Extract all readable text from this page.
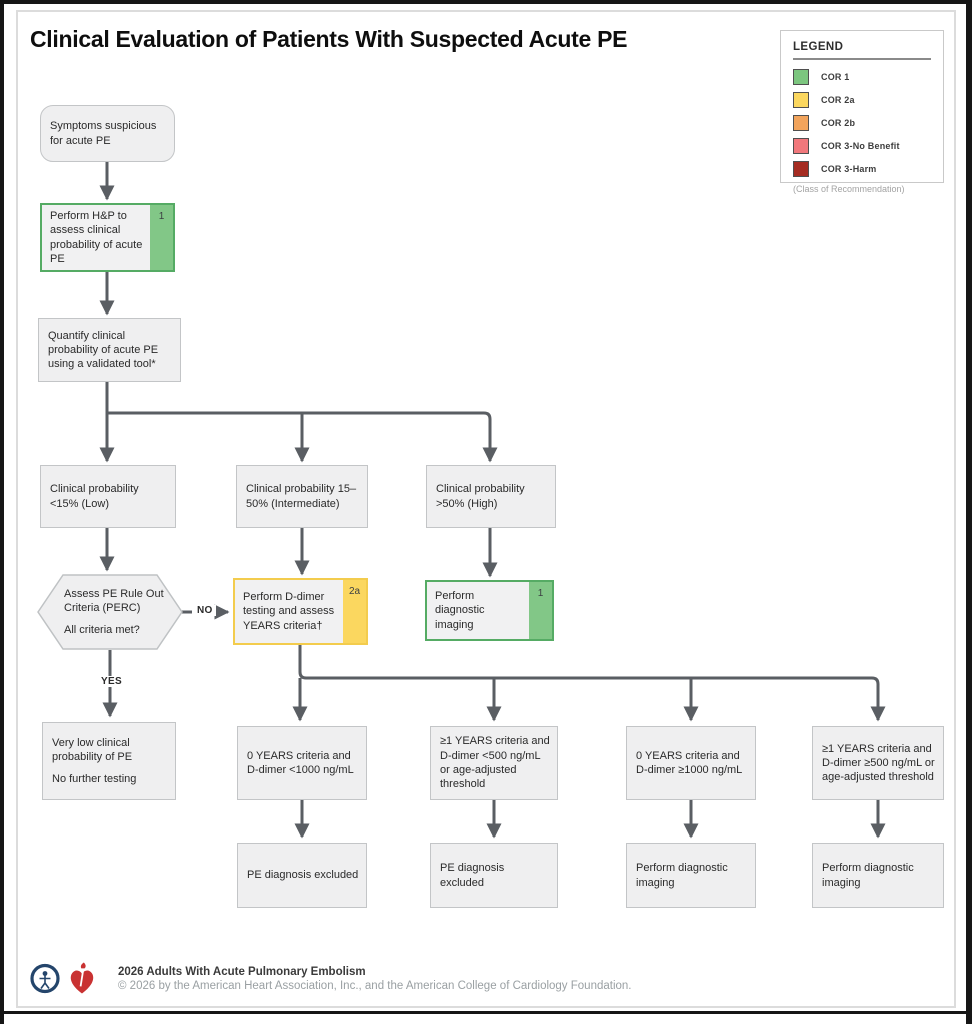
Clinical Evaluation of Patients With Suspected Acute PE	LEGEND
COR 1
COR 2a
COR 2b
COR 3-No Benefit
COR 3-Harm
(Class of Recommendation)
Symptoms suspicious for acute PE
Perform H&P to assess clinical probability of acute PE
1
Quantify clinical probability of acute PE using a validated tool*
Clinical probability <15% (Low)
Clinical probability 15–50% (Intermediate)
Clinical probability >50% (High)
Assess PE Rule Out Criteria (PERC)
All criteria met?
Perform D-dimer testing and assess YEARS criteria†
2a	Perform diagnostic imaging
1
NO
YES
Very low clinical probability of PE
No further testing
0 YEARS criteria and D-dimer <1000 ng/mL
≥1 YEARS criteria and D-dimer <500 ng/mL or age-adjusted threshold
0 YEARS criteria and D-dimer ≥1000 ng/mL
≥1 YEARS criteria and D-dimer ≥500 ng/mL or age-adjusted threshold
PE diagnosis excluded
PE diagnosis excluded
Perform diagnostic imaging
Perform diagnostic imaging
2026 Adults With Acute Pulmonary Embolism
© 2026 by the American Heart Association, Inc., and the American College of Cardiology Foundation.
